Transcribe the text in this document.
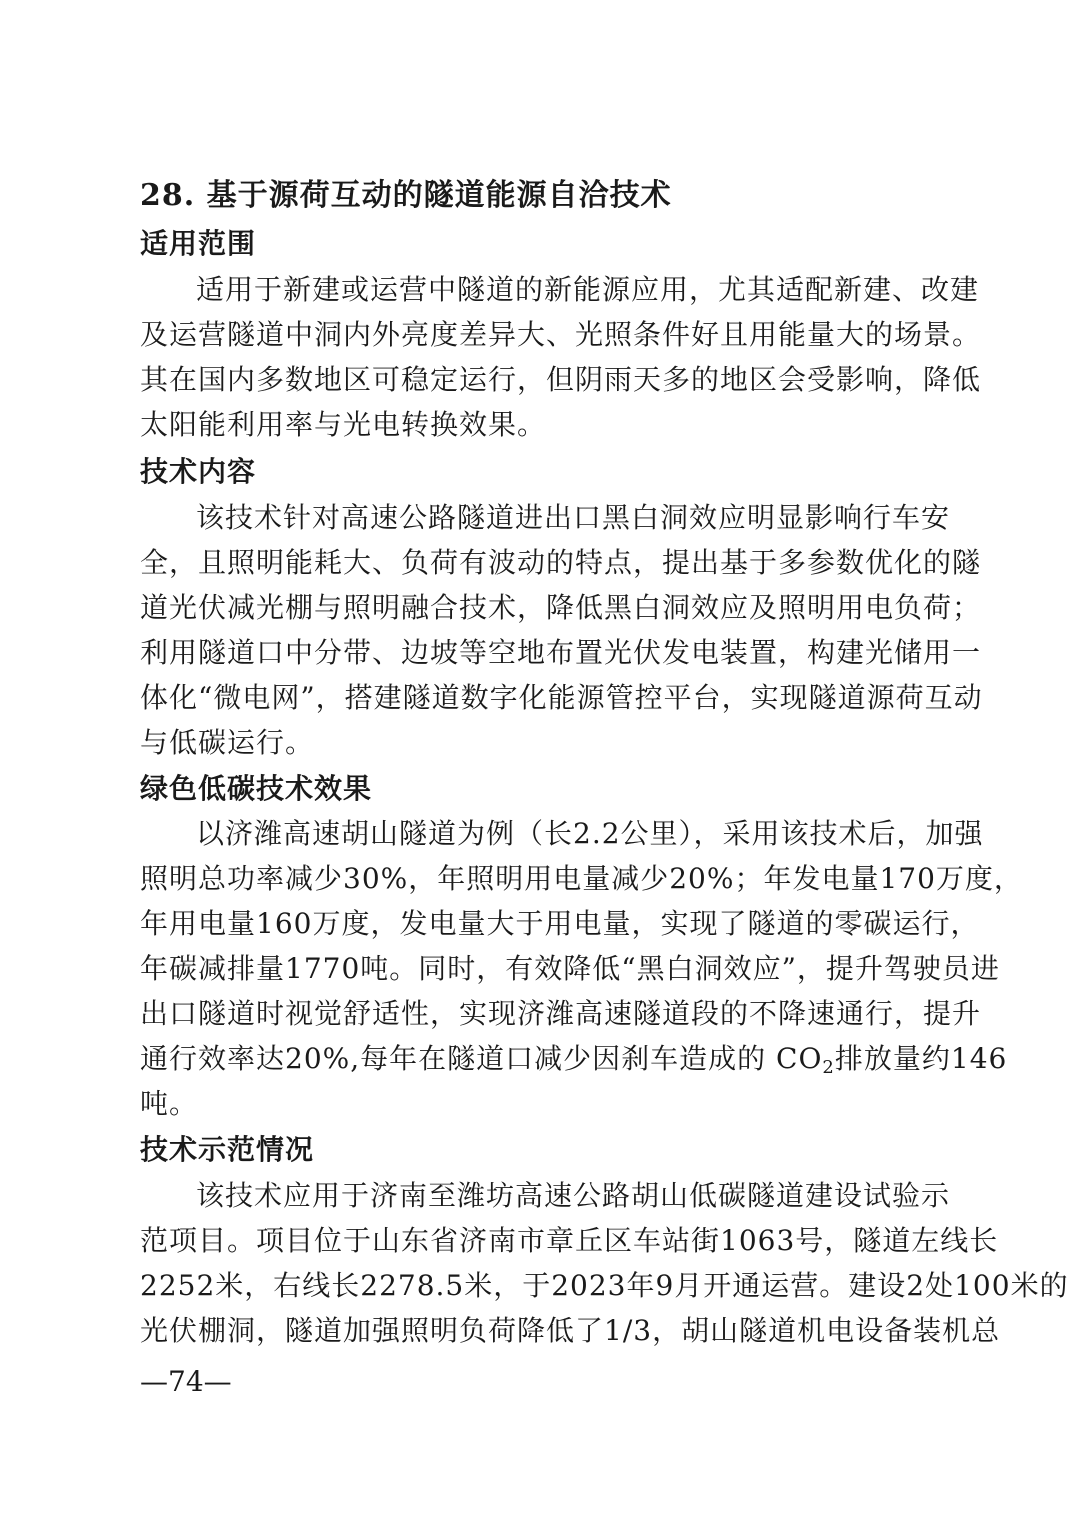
28. 基于源荷互动的隧道能源自洽技术
适用范围
适用于新建或运营中隧道的新能源应用，尤其适配新建、改建
及运营隧道中洞内外亮度差异大、光照条件好且用能量大的场景。
其在国内多数地区可稳定运行，但阴雨天多的地区会受影响，降低
太阳能利用率与光电转换效果。
技术内容
该技术针对高速公路隧道进出口黑白洞效应明显影响行车安
全，且照明能耗大、负荷有波动的特点，提出基于多参数优化的隧
道光伏减光棚与照明融合技术，降低黑白洞效应及照明用电负荷；
利用隧道口中分带、边坡等空地布置光伏发电装置，构建光储用一
体化“微电网”，搭建隧道数字化能源管控平台，实现隧道源荷互动
与低碳运行。
绿色低碳技术效果
以济潍高速胡山隧道为例（长2.2公里），采用该技术后，加强
照明总功率减少30%，年照明用电量减少20%；年发电量170万度，
年用电量160万度，发电量大于用电量，实现了隧道的零碳运行，
年碳减排量1770吨。同时，有效降低“黑白洞效应”，提升驾驶员进
出口隧道时视觉舒适性，实现济潍高速隧道段的不降速通行，提升
通行效率达20%,每年在隧道口减少因刹车造成的 $CO_2$排放量约146
吨。
技术示范情况
该技术应用于济南至潍坊高速公路胡山低碳隧道建设试验示
范项目。项目位于山东省济南市章丘区车站街1063号，隧道左线长
2252米，右线长2278.5米，于2023年9月开通运营。建设2处100米的
光伏棚洞，隧道加强照明负荷降低了1/3，胡山隧道机电设备装机总
—74—
